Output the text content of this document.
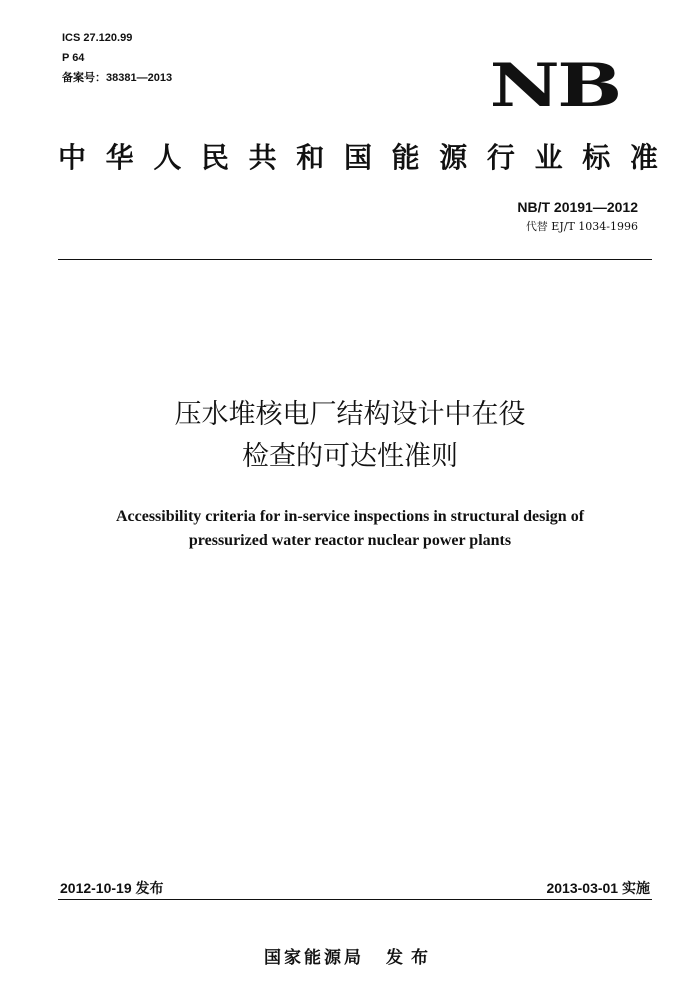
ICS 27.120.99
P 64
备案号：38381—2013	NB
中 华 人 民 共 和 国 能 源 行 业 标 准
NB/T 20191—2012
代替 EJ/T 1034-1996
压水堆核电厂结构设计中在役
检查的可达性准则
Accessibility criteria for in-service inspections in structural design of
pressurized water reactor nuclear power plants
2012-10-19 发布	2013-03-01 实施
国家能源局 发布
